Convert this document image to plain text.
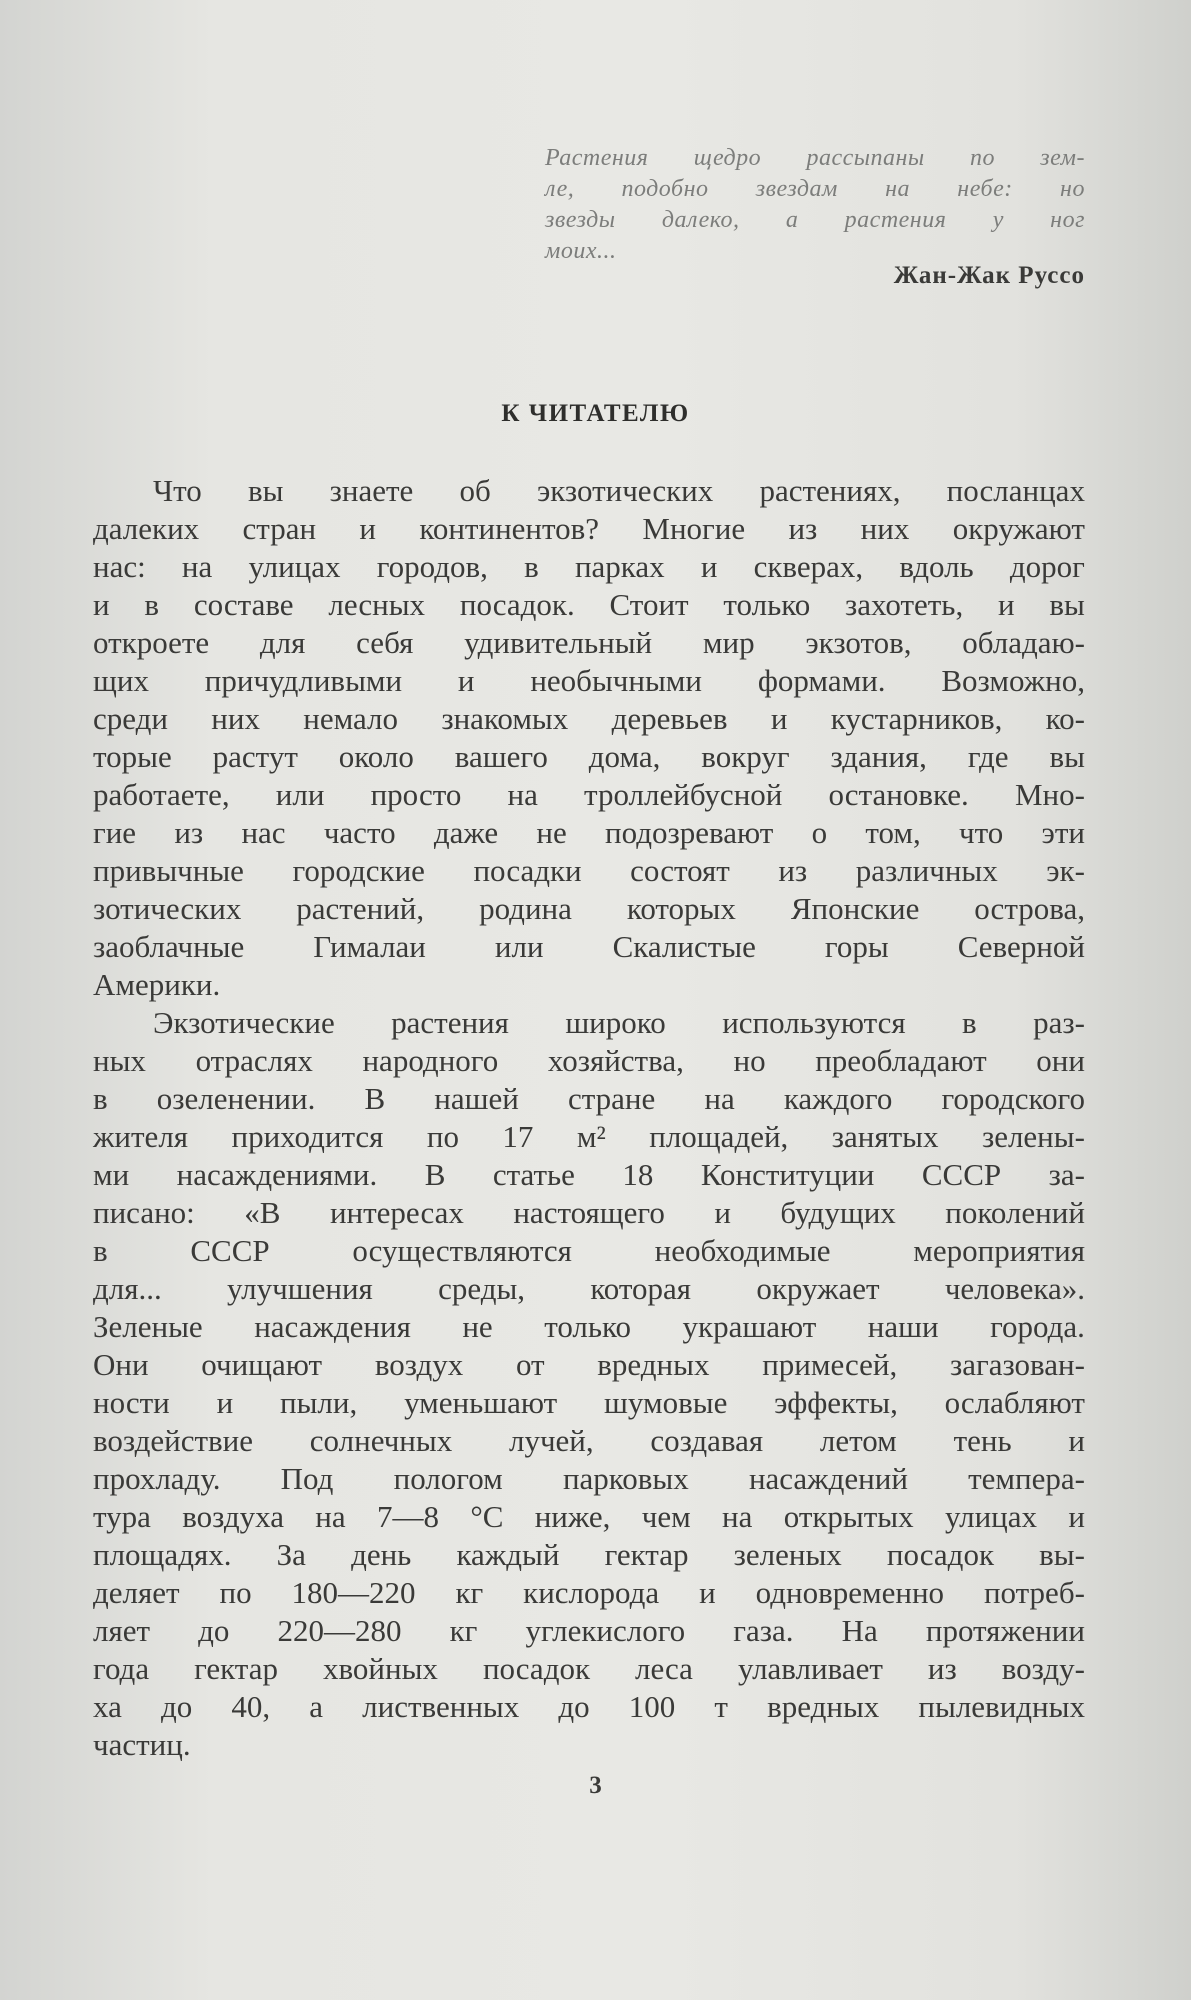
Растения щедро рассыпаны по зем-
ле, подобно звездам на небе: но
звезды далеко, а растения у ног
моих...
Жан-Жак Руссо
К ЧИТАТЕЛЮ
Что вы знаете об экзотических растениях, посланцах
далеких стран и континентов? Многие из них окружают
нас: на улицах городов, в парках и скверах, вдоль дорог
и в составе лесных посадок. Стоит только захотеть, и вы
откроете для себя удивительный мир экзотов, обладаю-
щих причудливыми и необычными формами. Возможно,
среди них немало знакомых деревьев и кустарников, ко-
торые растут около вашего дома, вокруг здания, где вы
работаете, или просто на троллейбусной остановке. Мно-
гие из нас часто даже не подозревают о том, что эти
привычные городские посадки состоят из различных эк-
зотических растений, родина которых Японские острова,
заоблачные Гималаи или Скалистые горы Северной
Америки.
Экзотические растения широко используются в раз-
ных отраслях народного хозяйства, но преобладают они
в озеленении. В нашей стране на каждого городского
жителя приходится по 17 м² площадей, занятых зелены-
ми насаждениями. В статье 18 Конституции СССР за-
писано: «В интересах настоящего и будущих поколений
в	СССР	осуществляются	необходимые	мероприятия
для... улучшения среды, которая окружает человека».
Зеленые насаждения не только украшают наши города.
Они очищают воздух от вредных примесей, загазован-
ности и пыли, уменьшают шумовые эффекты, ослабляют
воздействие солнечных лучей, создавая летом тень и
прохладу. Под пологом парковых насаждений темпера-
тура воздуха на 7—8 °С ниже, чем на открытых улицах и
площадях. За день каждый гектар зеленых посадок вы-
деляет по 180—220 кг кислорода и одновременно потреб-
ляет до 220—280 кг углекислого газа. На протяжении
года гектар хвойных посадок леса улавливает из возду-
ха до 40, а лиственных до 100 т вредных пылевидных
частиц.
3
